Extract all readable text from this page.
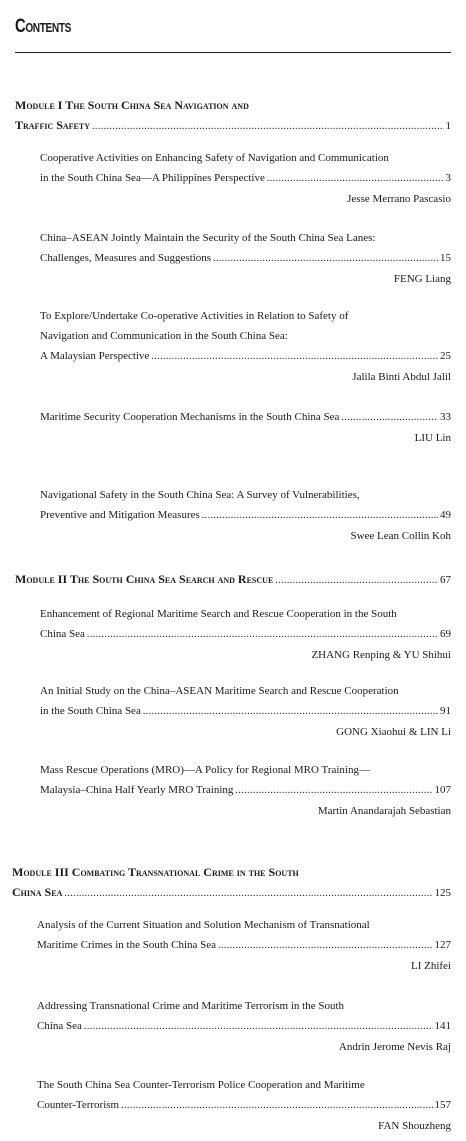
Contents
Module I The South China Sea Navigation and
Traffic Safety .....	1
Cooperative Activities on Enhancing Safety of Navigation and Communication
in the South China Sea—A Philippines Perspective .....	3
Jesse Merrano Pascasio
China–ASEAN Jointly Maintain the Security of the South China Sea Lanes:
Challenges, Measures and Suggestions .....	15
FENG Liang
To Explore/Undertake Co-operative Activities in Relation to Safety of
Navigation and Communication in the South China Sea:
A Malaysian Perspective .....	25
Jalila Binti Abdul Jalil
Maritime Security Cooperation Mechanisms in the South China Sea .....	33
LIU Lin
Navigational Safety in the South China Sea: A Survey of Vulnerabilities,
Preventive and Mitigation Measures .....	49
Swee Lean Collin Koh
Module II The South China Sea Search and Rescue .....	67
Enhancement of Regional Maritime Search and Rescue Cooperation in the South
China Sea .....	69
ZHANG Renping & YU Shihui
An Initial Study on the China–ASEAN Maritime Search and Rescue Cooperation
in the South China Sea .....	91
GONG Xiaohui & LIN Li
Mass Rescue Operations (MRO)—A Policy for Regional MRO Training—
Malaysia–China Half Yearly MRO Training .....	107
Martin Anandarajah Sebastian
Module III Combating Transnational Crime in the South
China Sea .....	125
Analysis of the Current Situation and Solution Mechanism of Transnational
Maritime Crimes in the South China Sea .....	127
LI Zhifei
Addressing Transnational Crime and Maritime Terrorism in the South
China Sea .....	141
Andrin Jerome Nevis Raj
The South China Sea Counter-Terrorism Police Cooperation and Maritime
Counter-Terrorism .....	157
FAN Shouzheng
